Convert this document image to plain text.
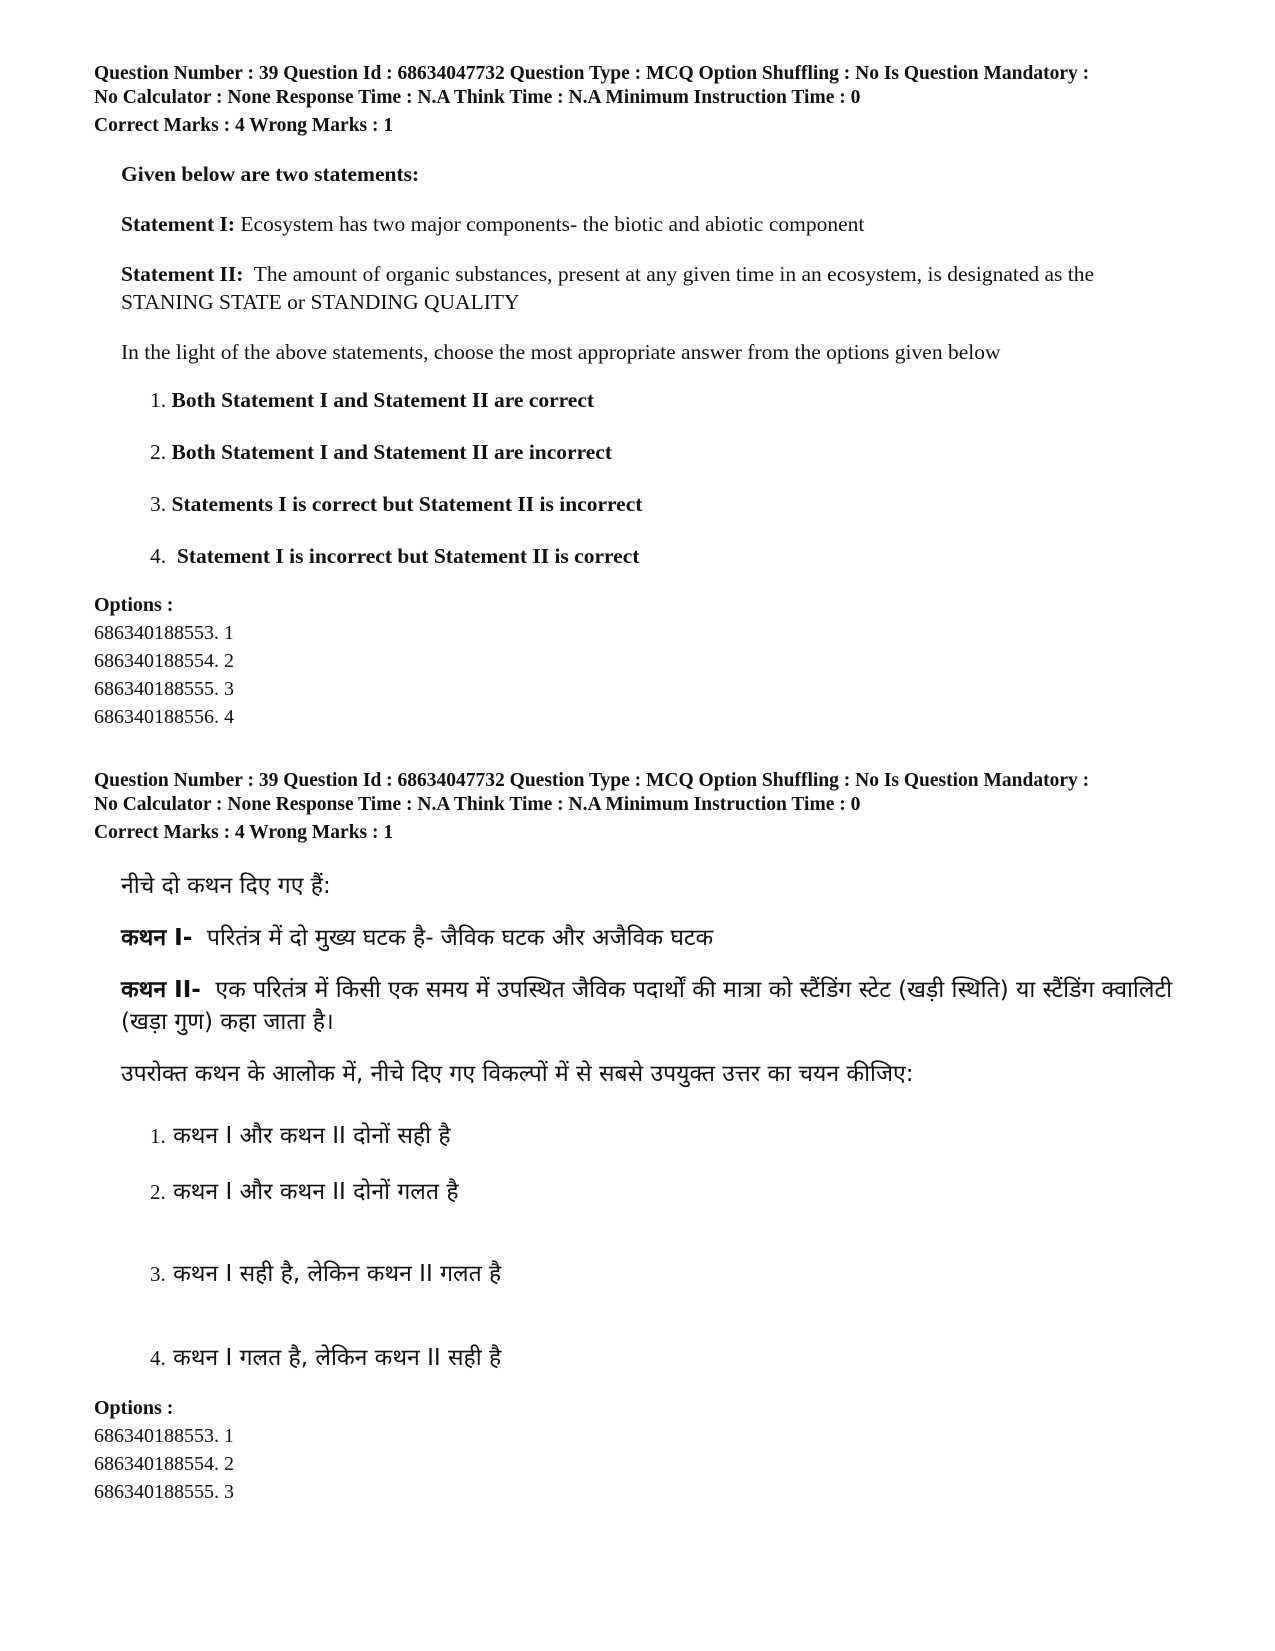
Question Number : 39 Question Id : 68634047732 Question Type : MCQ Option Shuffling : No Is Question Mandatory :
No Calculator : None Response Time : N.A Think Time : N.A Minimum Instruction Time : 0
Correct Marks : 4 Wrong Marks : 1

Given below are two statements:

Statement I: Ecosystem has two major components- the biotic and abiotic component

Statement II: The amount of organic substances, present at any given time in an ecosystem, is designated as the STANING STATE or STANDING QUALITY

In the light of the above statements, choose the most appropriate answer from the options given below

1. Both Statement I and Statement II are correct
2. Both Statement I and Statement II are incorrect
3. Statements I is correct but Statement II is incorrect
4. Statement I is incorrect but Statement II is correct
Options :
686340188553. 1
686340188554. 2
686340188555. 3
686340188556. 4
Question Number : 39 Question Id : 68634047732 Question Type : MCQ Option Shuffling : No Is Question Mandatory :
No Calculator : None Response Time : N.A Think Time : N.A Minimum Instruction Time : 0
Correct Marks : 4 Wrong Marks : 1

नीचे दो कथन दिए गए हैं:

कथन I- परितंत्र में दो मुख्य घटक है- जैविक घटक और अजैविक घटक

कथन II- एक परितंत्र में किसी एक समय में उपस्थित जैविक पदार्थों की मात्रा को स्टैंडिंग स्टेट (खड़ी स्थिति) या स्टैंडिंग क्वालिटी (खड़ा गुण) कहा जाता है।

उपरोक्त कथन के आलोक में, नीचे दिए गए विकल्पों में से सबसे उपयुक्त उत्तर का चयन कीजिए:

1. कथन I और कथन II दोनों सही है
2. कथन I और कथन II दोनों गलत है
3. कथन I सही है, लेकिन कथन II गलत है
4. कथन I गलत है, लेकिन कथन II सही है
Options :
686340188553. 1
686340188554. 2
686340188555. 3
